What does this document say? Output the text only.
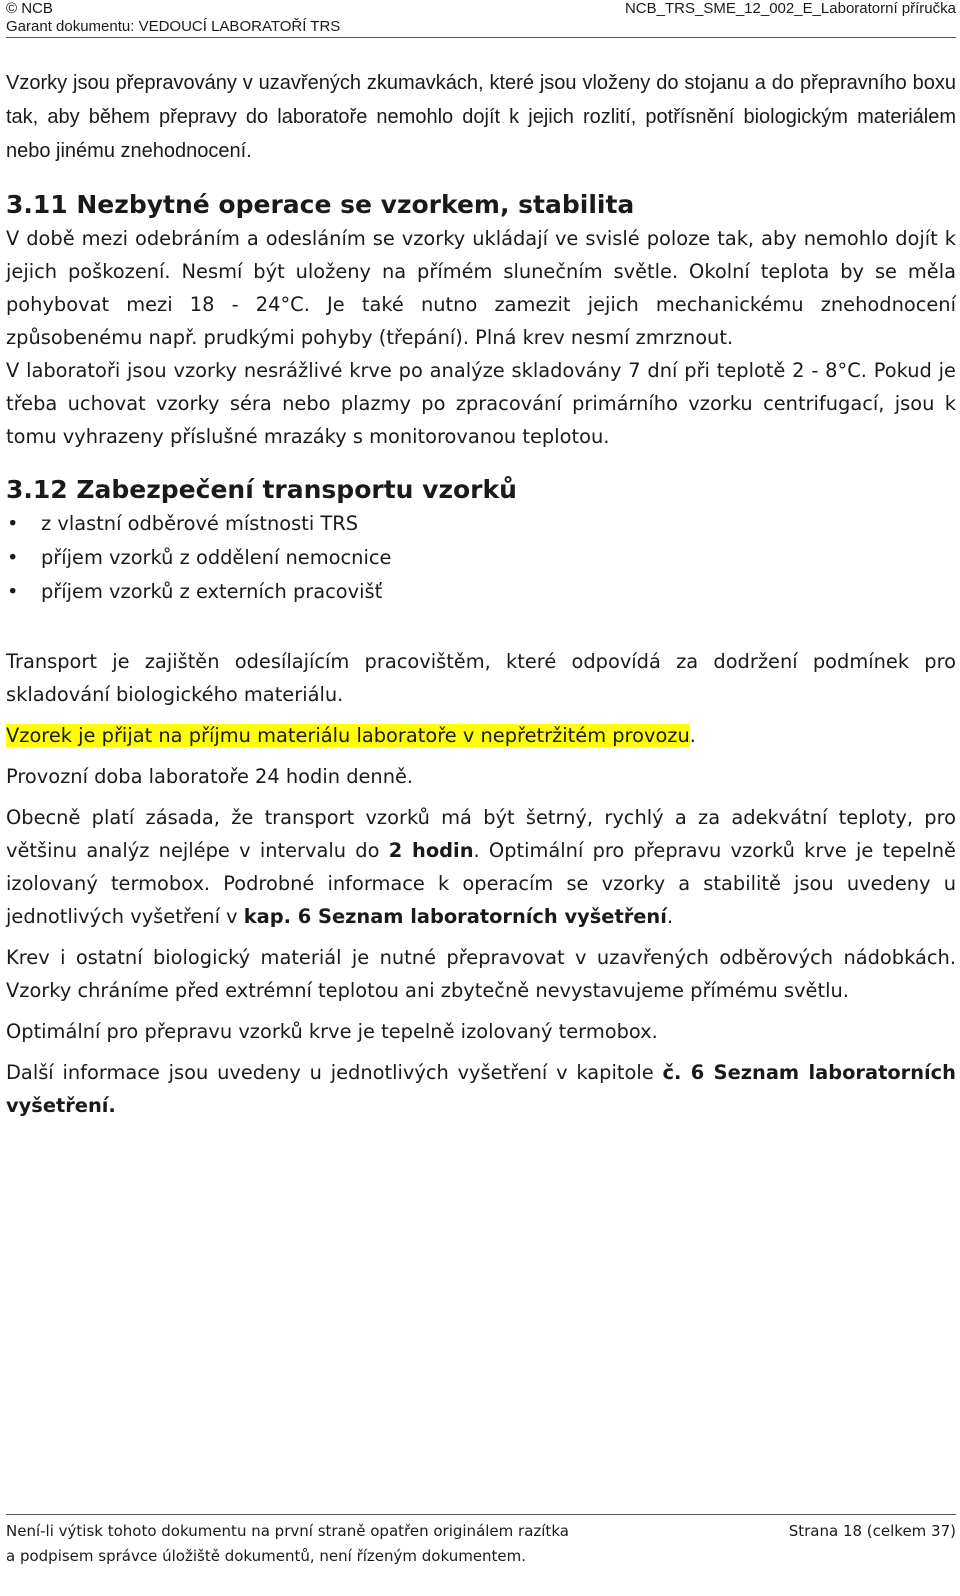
© NCB
Garant dokumentu: VEDOUCÍ LABORATOŘÍ TRS
NCB_TRS_SME_12_002_E_Laboratorní příručka

Vzorky jsou přepravovány v uzavřených zkumavkách, které jsou vloženy do stojanu a do přepravního boxu tak, aby během přepravy do laboratoře nemohlo dojít k jejich rozlití, potřísnění biologickým materiálem nebo jinému znehodnocení.

3.11 Nezbytné operace se vzorkem, stabilita

V době mezi odebráním a odesláním se vzorky ukládají ve svislé poloze tak, aby nemohlo dojít k jejich poškození. Nesmí být uloženy na přímém slunečním světle. Okolní teplota by se měla pohybovat mezi 18 - 24°C. Je také nutno zamezit jejich mechanickému znehodnocení způsobenému např. prudkými pohyby (třepání). Plná krev nesmí zmrznout.

V laboratoři jsou vzorky nesrážlivé krve po analýze skladovány 7 dní při teplotě 2 - 8°C. Pokud je třeba uchovat vzorky séra nebo plazmy po zpracování primárního vzorku centrifugací, jsou k tomu vyhrazeny příslušné mrazáky s monitorovanou teplotou.

3.12 Zabezpečení transportu vzorků
• z vlastní odběrové místnosti TRS
• příjem vzorků z oddělení nemocnice
• příjem vzorků z externích pracovišť

Transport je zajištěn odesílajícím pracovištěm, které odpovídá za dodržení podmínek pro skladování biologického materiálu.

Vzorek je přijat na příjmu materiálu laboratoře v nepřetržitém provozu.

Provozní doba laboratoře 24 hodin denně.

Obecně platí zásada, že transport vzorků má být šetrný, rychlý a za adekvátní teploty, pro většinu analýz nejlépe v intervalu do 2 hodin. Optimální pro přepravu vzorků krve je tepelně izolovaný termobox. Podrobné informace k operacím se vzorky a stabilitě jsou uvedeny u jednotlivých vyšetření v kap. 6 Seznam laboratorních vyšetření.

Krev i ostatní biologický materiál je nutné přepravovat v uzavřených odběrových nádobkách. Vzorky chráníme před extrémní teplotou ani zbytečně nevystavujeme přímému světlu.

Optimální pro přepravu vzorků krve je tepelně izolovaný termobox.

Další informace jsou uvedeny u jednotlivých vyšetření v kapitole č. 6 Seznam laboratorních vyšetření.

Není-li výtisk tohoto dokumentu na první straně opatřen originálem razítka
a podpisem správce úložiště dokumentů, není řízeným dokumentem.
Strana 18 (celkem 37)
